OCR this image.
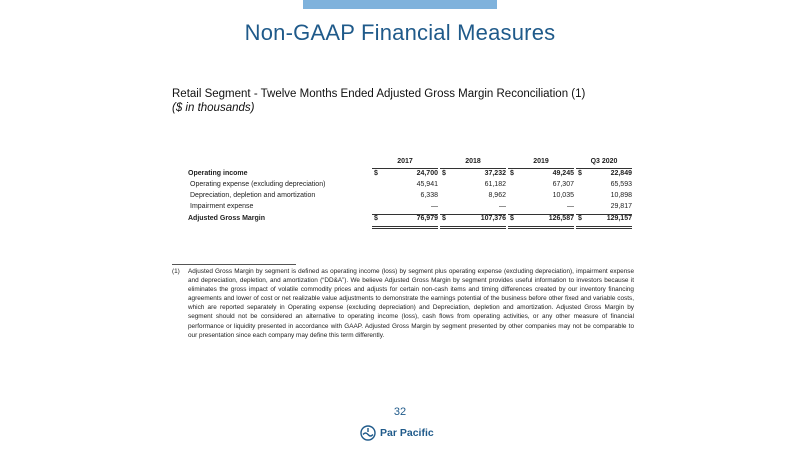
Non-GAAP Financial Measures
Retail Segment - Twelve Months Ended Adjusted Gross Margin Reconciliation (1)
($ in thousands)
2017	2018	2019	Q3 2020
Operating income	$	24,700 $	37,232 $	49,245 $	22,849
Operating expense (excluding depreciation)	45,941	61,182	67,307	65,593
Depreciation, depletion and amortization	6,338	8,962	10,035	10,898
Impairment expense	—	—	—	29,817
Adjusted Gross Margin	$	76,979 $	107,376 $	126,587 $	129,157
(1) Adjusted Gross Margin by segment is defined as operating income (loss) by segment plus operating expense (excluding depreciation), impairment expense and depreciation, depletion, and amortization (“DD&A”). We believe Adjusted Gross Margin by segment provides useful information to investors because it eliminates the gross impact of volatile commodity prices and adjusts for certain non-cash items and timing differences created by our inventory financing agreements and lower of cost or net realizable value adjustments to demonstrate the earnings potential of the business before other fixed and variable costs, which are reported separately in Operating expense (excluding depreciation) and Depreciation, depletion and amortization. Adjusted Gross Margin by segment should not be considered an alternative to operating income (loss), cash flows from operating activities, or any other measure of financial performance or liquidity presented in accordance with GAAP. Adjusted Gross Margin by segment presented by other companies may not be comparable to our presentation since each company may define this term differently.
32
Par Pacific
